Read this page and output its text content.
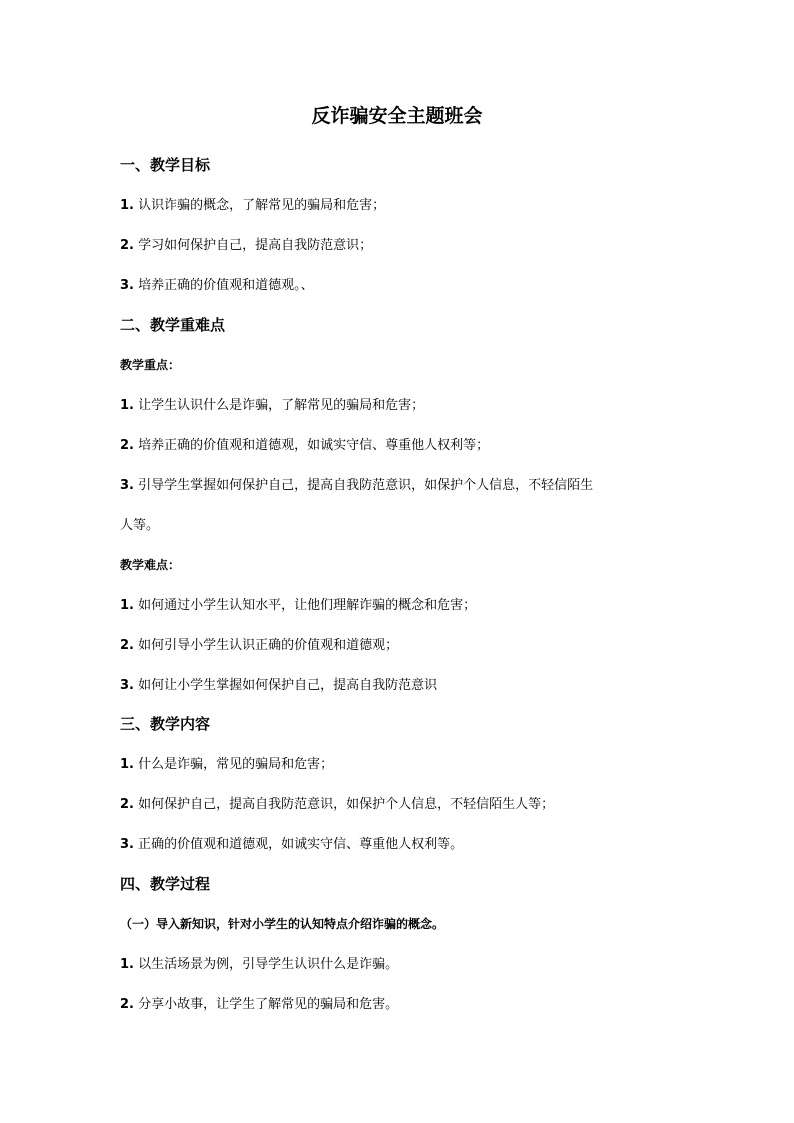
反诈骗安全主题班会

一、教学目标

1. 认识诈骗的概念，了解常见的骗局和危害；

2. 学习如何保护自己，提高自我防范意识；

3. 培养正确的价值观和道德观。、

二、教学重难点

教学重点：

1. 让学生认识什么是诈骗，了解常见的骗局和危害；

2. 培养正确的价值观和道德观，如诚实守信、尊重他人权利等；

3. 引导学生掌握如何保护自己，提高自我防范意识，如保护个人信息，不轻信陌生

人等。

教学难点：

1. 如何通过小学生认知水平，让他们理解诈骗的概念和危害；

2. 如何引导小学生认识正确的价值观和道德观；

3. 如何让小学生掌握如何保护自己，提高自我防范意识

三、教学内容

1. 什么是诈骗，常见的骗局和危害；

2. 如何保护自己，提高自我防范意识，如保护个人信息，不轻信陌生人等；

3. 正确的价值观和道德观，如诚实守信、尊重他人权利等。

四、教学过程

（一）导入新知识，针对小学生的认知特点介绍诈骗的概念。

1. 以生活场景为例，引导学生认识什么是诈骗。

2. 分享小故事，让学生了解常见的骗局和危害。
